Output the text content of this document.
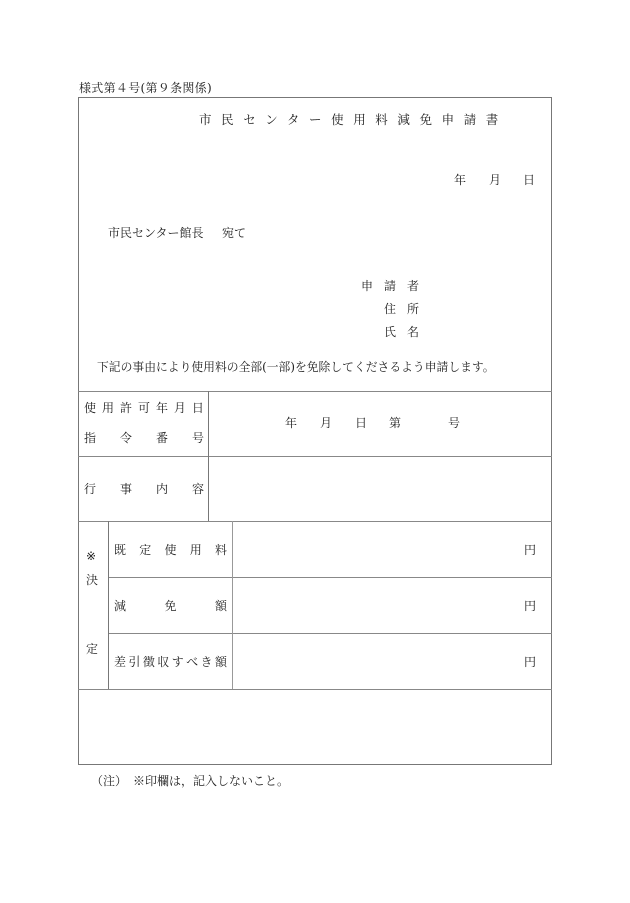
様式第４号(第９条関係)
市民センター使用料減免申請書
年 月 日
市民センター館長 宛て
申 請 者
住 所
氏 名
下記の事由により使用料の全部(一部)を免除してくださるよう申請します。
使 用 許 可 年 月 日
指 令 番 号
年 月 日 第	号
行 事 内 容
※
決
定
既 定 使 用 料	円
減	免	額	円
差 引 徴 収 す べ き 額	円
（注）　※印欄は，記入しないこと。
